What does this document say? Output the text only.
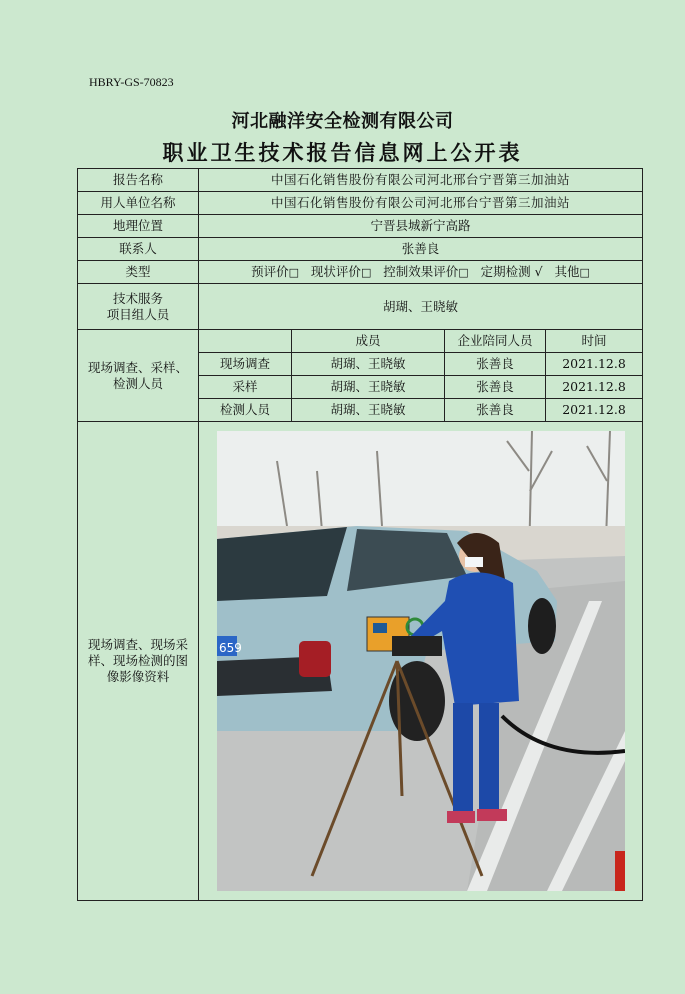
HBRY-GS-70823
河北融洋安全检测有限公司
职业卫生技术报告信息网上公开表
报告名称	中国石化销售股份有限公司河北邢台宁晋第三加油站			
用人单位名称	中国石化销售股份有限公司河北邢台宁晋第三加油站			
地理位置	宁晋县城新宁高路			
联系人	张善良			
类型	预评价□ 现状评价□ 控制效果评价□ 定期检测 √ 其他□			
技术服务
项目组人员	胡瑚、王晓敏			
现场调查、采样、
检测人员		成员	企业陪同人员	时间
	现场调查	胡瑚、王晓敏	张善良	2021.12.8
	采样	胡瑚、王晓敏	张善良	2021.12.8
	检测人员	胡瑚、王晓敏	张善良	2021.12.8
现场调查、现场采
样、现场检测的图
像影像资料	659			
